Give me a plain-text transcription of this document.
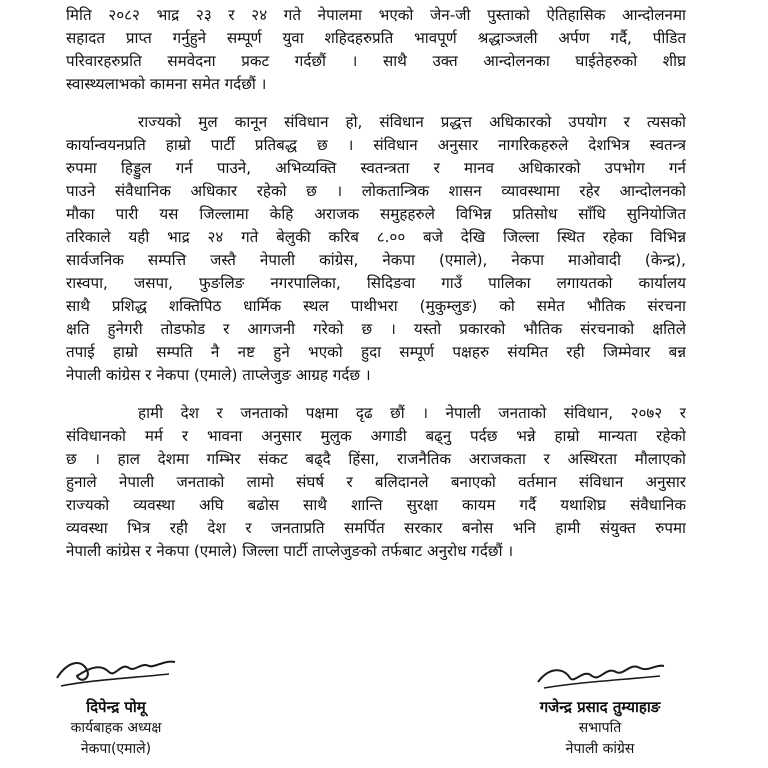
मिति २०८२ भाद्र २३ र २४ गते नेपालमा भएको जेन-जी पुस्ताको ऐतिहासिक आन्दोलनमा
सहादत प्राप्त गर्नुहुने सम्पूर्ण युवा शहिदहरुप्रति भावपूर्ण श्रद्धाञ्जली अर्पण गर्दै, पीडित
परिवारहरुप्रति समवेदना प्रकट गर्दछौं । साथै उक्त आन्दोलनका घाईतेहरुको शीघ्र
स्वास्थ्यलाभको कामना समेत गर्दछौं ।
राज्यको मुल कानून संविधान हो, संविधान प्रद्धत्त अधिकारको उपयोग र त्यसको
कार्यान्वयनप्रति हाम्रो पार्टी प्रतिबद्ध छ । संविधान अनुसार नागरिकहरुले देशभित्र स्वतन्त्र
रुपमा हिड्डुल गर्न पाउने, अभिव्यक्ति स्वतन्त्रता र मानव अधिकारको उपभोग गर्न
पाउने संवैधानिक अधिकार रहेको छ । लोकतान्त्रिक शासन व्यावस्थामा रहेर आन्दोलनको
मौका पारी यस जिल्लामा केहि अराजक समुहहरुले विभिन्न प्रतिसोध साँधि सुनियोजित
तरिकाले यही भाद्र २४ गते बेलुकी करिब ८.०० बजे देखि जिल्ला स्थित रहेका विभिन्न
सार्वजनिक सम्पत्ति जस्तै नेपाली कांग्रेस, नेकपा (एमाले), नेकपा माओवादी (केन्द्र),
रास्वपा, जसपा, फुङलिङ नगरपालिका, सिदिङवा गाउँ पालिका लगायतको कार्यालय
साथै प्रशिद्ध शक्तिपिठ धार्मिक स्थल पाथीभरा (मुकुम्लुङ) को समेत भौतिक संरचना
क्षति हुनेगरी तोडफोड र आगजनी गरेको छ । यस्तो प्रकारको भौतिक संरचनाको क्षतिले
तपाई हाम्रो सम्पति नै नष्ट हुने भएको हुदा सम्पूर्ण पक्षहरु संयमित रही जिम्मेवार बन्न
नेपाली कांग्रेस र नेकपा (एमाले) ताप्लेजुङ आग्रह गर्दछ ।
हामी देश र जनताको पक्षमा दृढ छौं । नेपाली जनताको संविधान, २०७२ र
संविधानको मर्म र भावना अनुसार मुलुक अगाडी बढ्नु पर्दछ भन्ने हाम्रो मान्यता रहेको
छ । हाल देशमा गम्भिर संकट बढ्दै हिंसा, राजनैतिक अराजकता र अस्थिरता मौलाएको
हुनाले नेपाली जनताको लामो संघर्ष र बलिदानले बनाएको वर्तमान संविधान अनुसार
राज्यको व्यवस्था अघि बढोस साथै शान्ति सुरक्षा कायम गर्दै यथाशिघ्र संवैधानिक
व्यवस्था भित्र रही देश र जनताप्रति समर्पित सरकार बनोस भनि हामी संयुक्त रुपमा
नेपाली कांग्रेस र नेकपा (एमाले) जिल्ला पार्टी ताप्लेजुङको तर्फबाट अनुरोध गर्दछौं ।
दिपेन्द्र पोमू
कार्यबाहक अध्यक्ष
नेकपा(एमाले)
गजेन्द्र प्रसाद तुम्याहाङ
सभापति
नेपाली कांग्रेस
